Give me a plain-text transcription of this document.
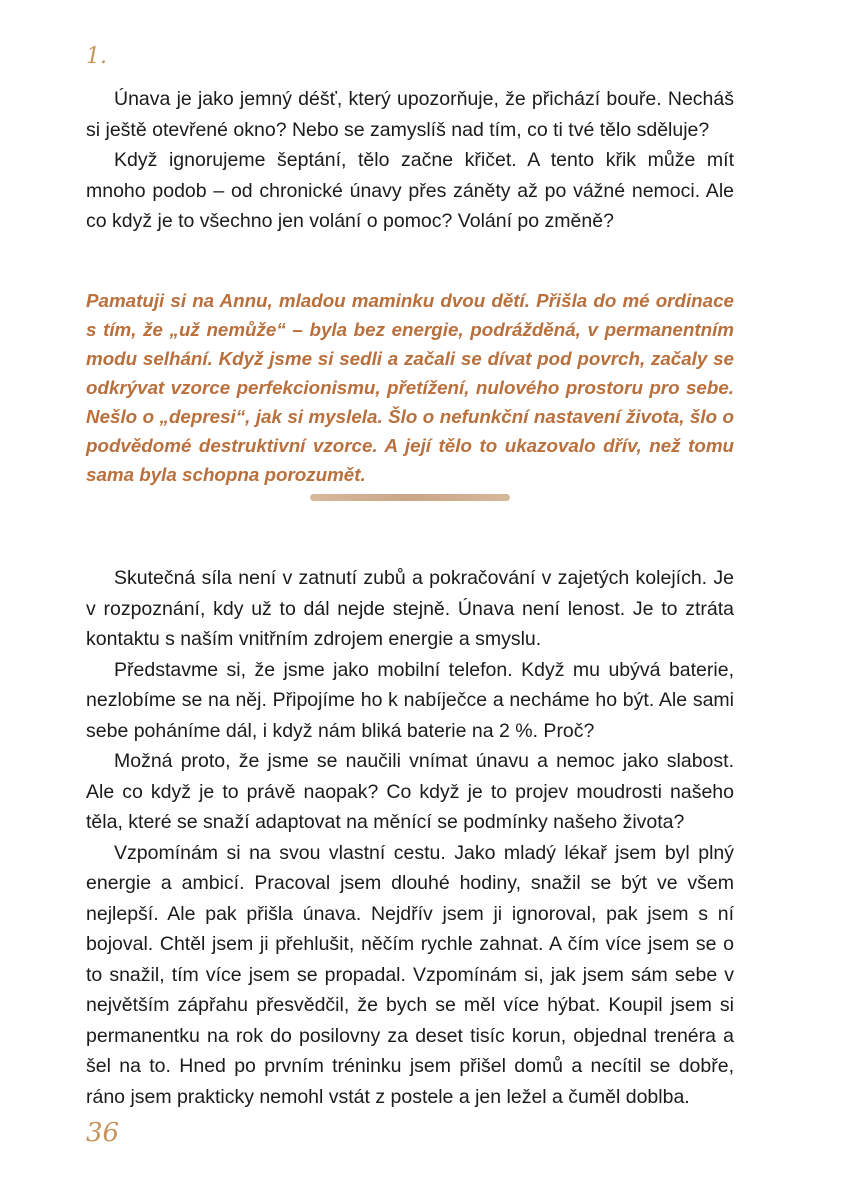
1.

Únava je jako jemný déšť, který upozorňuje, že přichází bouře. Necháš si ještě otevřené okno? Nebo se zamyslíš nad tím, co ti tvé tělo sděluje?

Když ignorujeme šeptání, tělo začne křičet. A tento křik může mít mnoho podob – od chronické únavy přes záněty až po vážné nemoci. Ale co když je to všechno jen volání o pomoc? Volání po změně?

Pamatuji si na Annu, mladou maminku dvou dětí. Přišla do mé ordinace s tím, že „už nemůže“ – byla bez energie, podrážděná, v permanentním modu selhání. Když jsme si sedli a začali se dívat pod povrch, začaly se odkrývat vzorce perfekcionismu, přetížení, nulového prostoru pro sebe. Nešlo o „depresi“, jak si myslela. Šlo o nefunkční nastavení života, šlo o podvědomé destruktivní vzorce. A její tělo to ukazovalo dřív, než tomu sama byla schopna porozumět.

Skutečná síla není v zatnutí zubů a pokračování v zajetých kolejích. Je v rozpoznání, kdy už to dál nejde stejně. Únava není lenost. Je to ztráta kontaktu s naším vnitřním zdrojem energie a smyslu.

Představme si, že jsme jako mobilní telefon. Když mu ubývá baterie, nezlobíme se na něj. Připojíme ho k nabíječce a necháme ho být. Ale sami sebe poháníme dál, i když nám bliká baterie na 2 %. Proč?

Možná proto, že jsme se naučili vnímat únavu a nemoc jako slabost. Ale co když je to právě naopak? Co když je to projev moudrosti našeho těla, které se snaží adaptovat na měnící se podmínky našeho života?

Vzpomínám si na svou vlastní cestu. Jako mladý lékař jsem byl plný energie a ambicí. Pracoval jsem dlouhé hodiny, snažil se být ve všem nejlepší. Ale pak přišla únava. Nejdřív jsem ji ignoroval, pak jsem s ní bojoval. Chtěl jsem ji přehlušit, něčím rychle zahnat. A čím více jsem se o to snažil, tím více jsem se propadal. Vzpomínám si, jak jsem sám sebe v největším zápřahu přesvědčil, že bych se měl více hýbat. Koupil jsem si permanentku na rok do posilovny za deset tisíc korun, objednal trenéra a šel na to. Hned po prvním tréninku jsem přišel domů a necítil se dobře, ráno jsem prakticky nemohl vstát z postele a jen ležel a čuměl doblba.

36
